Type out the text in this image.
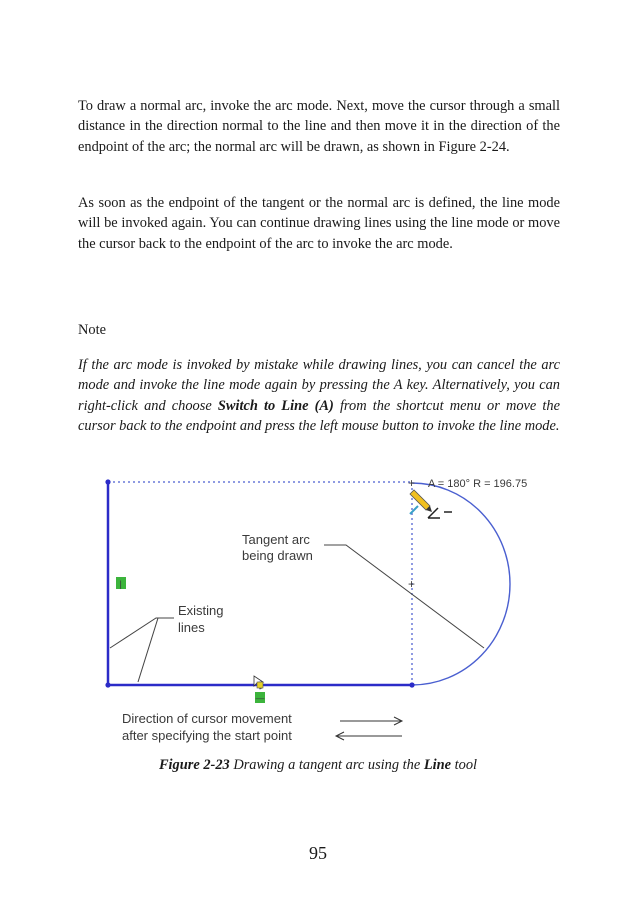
To draw a normal arc, invoke the arc mode. Next, move the cursor through a small distance in the direction normal to the line and then move it in the direction of the endpoint of the arc; the normal arc will be drawn, as shown in Figure 2-24.

As soon as the endpoint of the tangent or the normal arc is defined, the line mode will be invoked again. You can continue drawing lines using the line mode or move the cursor back to the endpoint of the arc to invoke the arc mode.

Note

If the arc mode is invoked by mistake while drawing lines, you can cancel the arc mode and invoke the line mode again by pressing the A key. Alternatively, you can right-click and choose Switch to Line (A) from the shortcut menu or move the cursor back to the endpoint and press the left mouse button to invoke the line mode.

+
+ A = 180° R = 196.75
Tangent arc
being drawn
Existing
lines
|
—
Direction of cursor movement
after specifying the start point

Figure 2-23 Drawing a tangent arc using the Line tool

95
